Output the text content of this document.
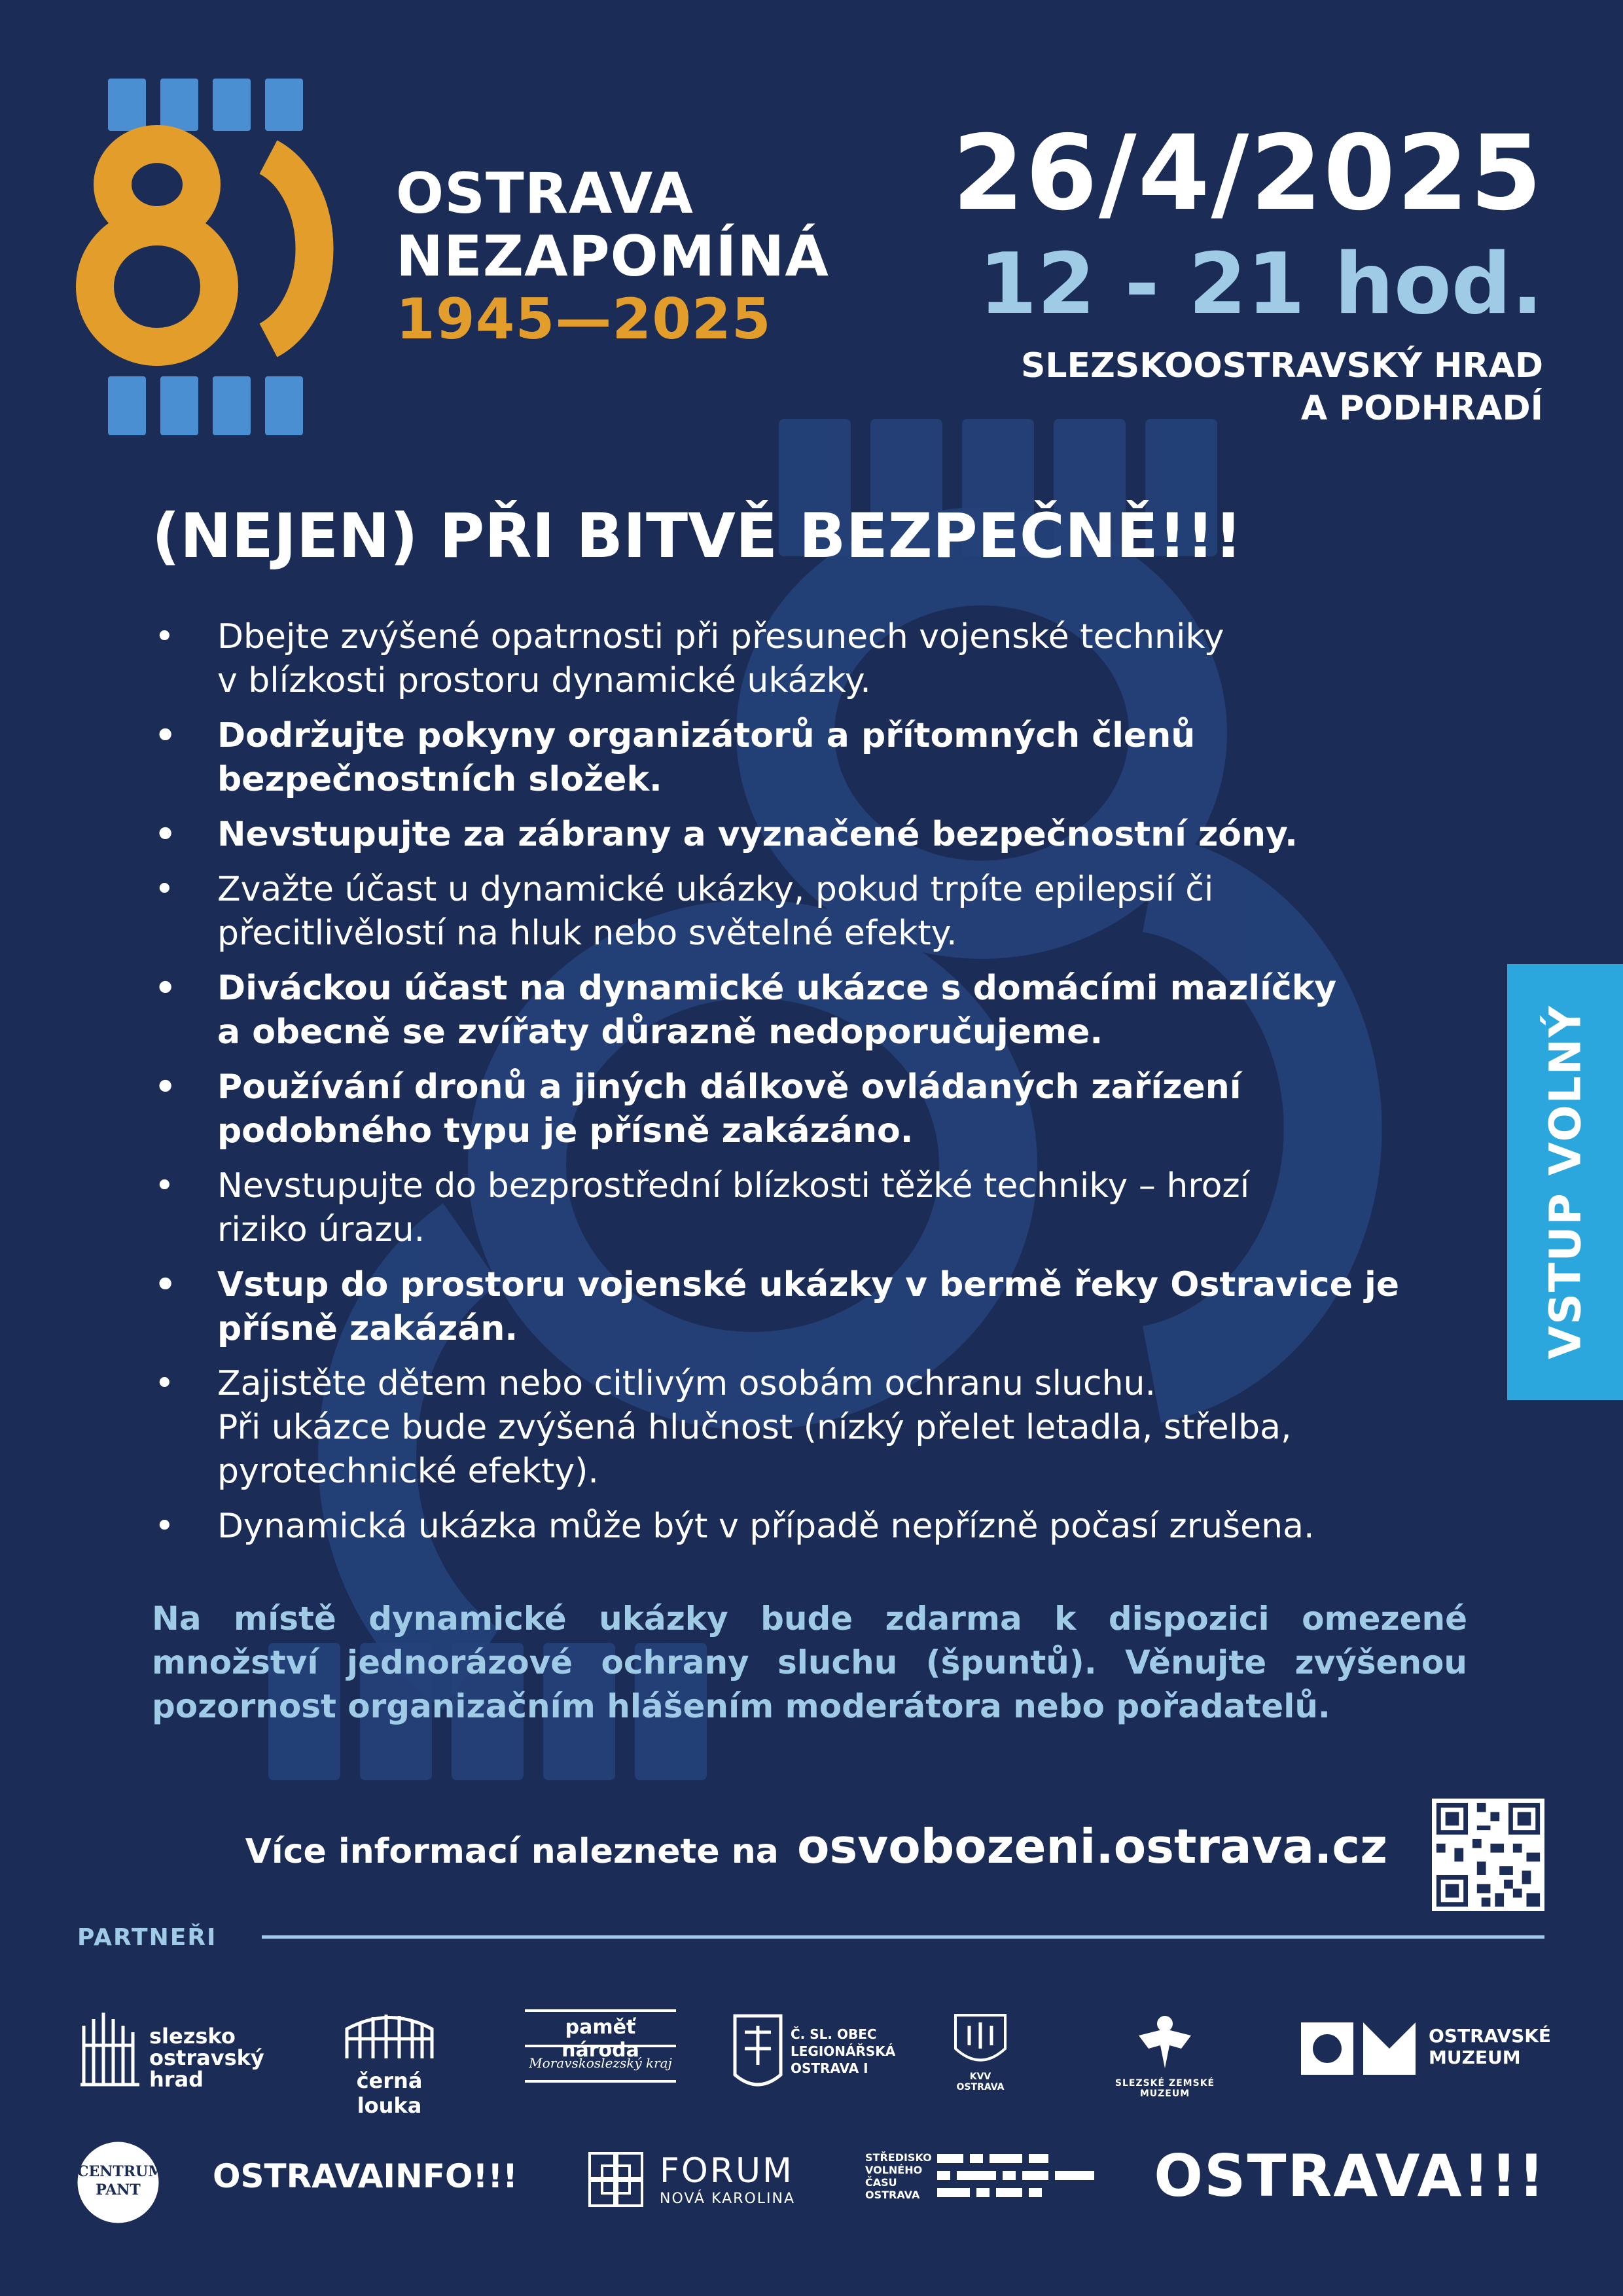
OSTRAVA
NEZAPOMÍNÁ
1945—2025
26/4/2025
12 - 21 hod.
SLEZSKOOSTRAVSKÝ HRAD
A PODHRADÍ
(NEJEN) PŘI BITVĚ BEZPEČNĚ!!!
• Dbejte zvýšené opatrnosti při přesunech vojenské techniky
v blízkosti prostoru dynamické ukázky.
• Dodržujte pokyny organizátorů a přítomných členů
bezpečnostních složek.
• Nevstupujte za zábrany a vyznačené bezpečnostní zóny.
• Zvažte účast u dynamické ukázky, pokud trpíte epilepsií či
přecitlivělostí na hluk nebo světelné efekty.
• Diváckou účast na dynamické ukázce s domácími mazlíčky
a obecně se zvířaty důrazně nedoporučujeme.
• Používání dronů a jiných dálkově ovládaných zařízení
podobného typu je přísně zakázáno.
• Nevstupujte do bezprostřední blízkosti těžké techniky – hrozí
riziko úrazu.
• Vstup do prostoru vojenské ukázky v bermě řeky Ostravice je
přísně zakázán.
• Zajistěte dětem nebo citlivým osobám ochranu sluchu.
Při ukázce bude zvýšená hlučnost (nízký přelet letadla, střelba,
pyrotechnické efekty).
• Dynamická ukázka může být v případě nepřízně počasí zrušena.

Na místě dynamické ukázky bude zdarma k dispozici omezené množství jednorázové ochrany sluchu (špuntů). Věnujte zvýšenou pozornost organizačním hlášením moderátora nebo pořadatelů.

Více informací naleznete na osvobozeni.ostrava.cz
VSTUP VOLNÝ
PARTNEŘI
slezsko ostravský hrad	černá louka
paměť národa
Moravskoslezský kraj
Č. SL. OBEC LEGIONÁŘSKÁ OSTRAVA I
KVV OSTRAVA	SLEZSKÉ ZEMSKÉ MUZEUM
OSTRAVSKÉ MUZEUM
CENTRUM PANT	OSTRAVAINFO!!!	FORUM
NOVÁ KAROLINA
STŘEDISKO VOLNÉHO ČASU OSTRAVA	OSTRAVA!!!
